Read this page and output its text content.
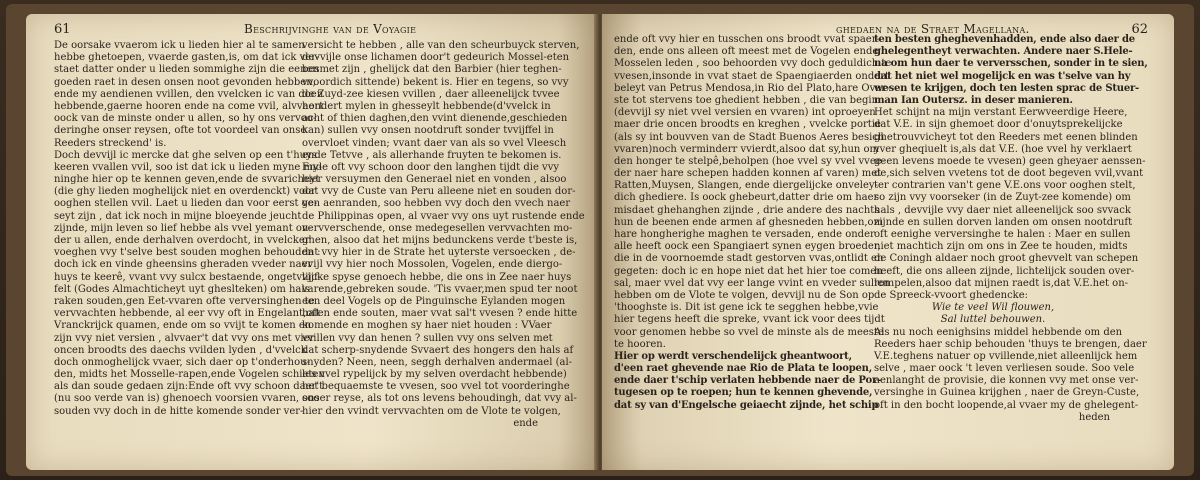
61	Beschrijvinghe van de Voyagie
De oorsake vvaerom ick u lieden hier al te samen
hebbe ghetoepen, vvaerde gasten,is, om dat ick ver-
staet datter onder u lieden sommighe zijn die eenen
goeden raet in desen onsen noot gevonden hebben,
ende my aendienen vvillen, den vvelcken ic van doen
hebbende,gaerne hooren ende na come vvil, alvvaert
oock van de minste onder u allen, so hy ons vervoo-
deringhe onser reysen, ofte tot voordeel van onse
Reeders streckend' is.
Doch devvijl ic mercke dat ghe selven op een t'huys
keeren vvallen vvil, soo ist dat ick u lieden myne my-
ninghe hier op te kennen geven,ende de svvaricheyt
(die ghy lieden moghelijck niet en overdenckt) voor
ooghen stellen vvil. Laet u lieden dan voor eerst ge-
seyt zijn , dat ick noch in mijne bloeyende jeucht
zijnde, mijn leven so lief hebbe als vvel yemant on-
der u allen, ende derhalven overdocht, in vvelcker
voeghen vvy t'selve best souden moghen behouden :
doch ick en vinde gheensins gheraden vveder naer
huys te keerê, vvant vvy sulcx bestaende, ongetvvijf-
felt (Godes Almachticheyt uyt gheslteken) om hals
raken souden,gen Eet-vvaren ofte verversinghen te
vervvachten hebbende, al eer vvy oft in Engelant,oft
Vranckrijck quamen, ende om so vvijt te komen en
zijn vvy niet versien , alvvaer't dat vvy ons met vier
oncen broodts des daechs vvilden lyden , d'vvelck
doch onmoghelijck vvaer, sich daer op t'onderhou-
den, midts het Mosselle-rapen,ende Vogelen schieten
als dan soude gedaen zijn:Ende oft vvy schoon daer't
(nu soo verde van is) ghenoech voorsien vvaren, soo
souden vvy doch in de hitte komende sonder ver-
versicht te hebben , alle van den scheurbuyck sterven,
devvijle onse lichamen door't gedeurich Mossel-eten
besmet zijn , ghelijck dat den Barbier (hier teghen-
vvoordich sittende) bekent is. Hier en tegens, so vvy
de Zuyd-zee kiesen vvillen , daer alleenelijck tvvee
hondert mylen in ghesseylt hebbende(d'vvelck in
acht of thien daghen,den vvint dienende,geschieden
kan) sullen vvy onsen nootdruft sonder tvvijffel in
overvloet vinden; vvant daer van als so vvel Vleesch
ende Tetvve , als allerhande fruyten te bekomen is.
Ende oft vvy schoon door den langhen tijdt die vvy
hier versuymen den Generael niet en vonden , alsoo
dat vvy de Custe van Peru alleene niet en souden dor-
ven aenranden, soo hebben vvy doch den vvech naer
de Philippinas open, al vvaer vvy ons uyt rustende ende
vervverschende, onse medegesellen vervvachten mo-
ghen, alsoo dat het mijns bedunckens verde t'beste is,
dat vvy hier in de Strate het uyterste versoecken , de-
vvijl vvy hier noch Mossolen, Vogelen, ende diergo-
lijcke spyse genoech hebbe, die ons in Zee naer huys
varende,gebreken soude. 'Tis vvaer,men spud ter noot
een deel Vogels op de Pinguinsche Eylanden mogen
halen ende souten, maer vvat sal't vvesen ? ende hitte
komende en moghen sy haer niet houden : VVaer
vvillen vvy dan henen ? sullen vvy ons selven met
dat scherp-snydende Svvaert des hongers den hals af
snyden? Neen, neen, seggh derhalven andermael (al-
les vvel rypelijck by my selven overdacht hebbende)
het bequaemste te vvesen, soo vvel tot voorderinghe
onser reyse, als tot ons levens behoudingh, dat vvy al-
hier den vvindt vervvachten om de Vlote te volgen,
ende
ghedaen na de Straet Magellana.	62
ende oft vvy hier en tusschen ons broodt vvat spaer-
den, ende ons alleen oft meest met de Vogelen ende
Mosselen leden , soo behoorden vvy doch geduldich te
vvesen,insonde in vvat staet de Spaengiaerden ondert
beleyt van Petrus Mendosa,in Rio del Plato,hare Over-
ste tot stervens toe ghedient hebben , die van begin
(devvijl sy niet vvel versien en vvaren) int oproeyen
maer drie oncen broodts en kreghen , vvelcke portie
(als sy int bouvven van de Stadt Buenos Aeres besich
vvaren)noch verminderr vvierdt,alsoo dat sy,hun om
den honger te stelpê,beholpen (hoe vvel sy vvel vvee-
der naer hare schepen hadden konnen af varen) met
Ratten,Muysen, Slangen, ende diergelijcke onveley-
dich ghediere. Is oock ghebeurt,datter drie om haer
misdaet ghehanghen zijnde , drie andere des nachts
hun de beenen ende armen af ghesneden hebben,om
hare hongherighe maghen te versaden, ende onder
alle heeft oock een Spangiaert synen eygen broeder,
die in de voornoemde stadt gestorven vvas,ontlidt en
gegeten: doch ic en hope niet dat het hier toe comen
sal, maer vvel dat vvy eer lange vvint en vveder sullen
hebben om de Vlote te volgen, devvijl nu de Son op
'thooghste is. Dit ist gene ick te segghen hebbe,vvie
hier tegens heeft die spreke, vvant ick voor dees tijdt
voor genomen hebbe so vvel de minste als de meeste
te hooren.
Hier op werdt verschendelijck gheantwoort,
d'een raet ghevende nae Rio de Plata te loopen,
ende daer t'schip verlaten hebbende naer de Por-
tugesen op te roepen; hun te kennen ghevende,
dat sy van d'Engelsche geiaecht zijnde, het schip
ten besten gheghevenhadden, ende also daer de
ghelegentheyt verwachten. Andere naer S.Hele-
na om hun daer te verversschen, sonder in te sien,
dat het niet wel mogelijck en was t'selve van hy
wesen te krijgen, doch ten lesten sprac de Stuer-
man Ian Outersz. in deser manieren.
Het schijnt na mijn verstant Eerwveerdige Heere,
dat V.E. in sijn ghemoet door d'onuytsprekelijcke
ghetrouvvicheyt tot den Reeders met eenen blinden
yver gheqiuelt is,als dat V.E. (hoe vvel hy verklaert
geen levens moede te vvesen) geen gheyaer aenssen-
de,sich selven vvetens tot de doot begeven vvil,vvant
ter contrarien van't gene V.E.ons voor ooghen stelt,
so zijn vvy voorseker (in de Zuyt-zee komende) om
hals , devvijle vvy daer niet alleenelijck soo svvack
zijnde en sullen dorven landen om onsen nootdruft
oft eenighe verversinghe te halen : Maer en sullen
niet machtich zijn om ons in Zee te houden, midts
de Coningh aldaer noch groot ghevvelt van schepen
heeft, die ons alleen zijnde, lichtelijck souden over-
rompelen,alsoo dat mijnen raedt is,dat V.E.het on-
de Spreeck-vvoort ghedencke:
Wie te veel Wil flouwen,
Sal luttel behouwen.
Als nu noch eenighsins middel hebbende om den
Reeders haer schip behouden 'thuys te brengen, daer
V.E.teghens natuer op vvillende,niet alleenlijck hem
selve , maer oock 't leven verliesen soude. Soo vele
aenlanght de provisie, die konnen vvy met onse ver-
versinghe in Guinea krijghen , naer de Greyn-Custe,
oft in den bocht loopende,al vvaer my de ghelegent-
heden
